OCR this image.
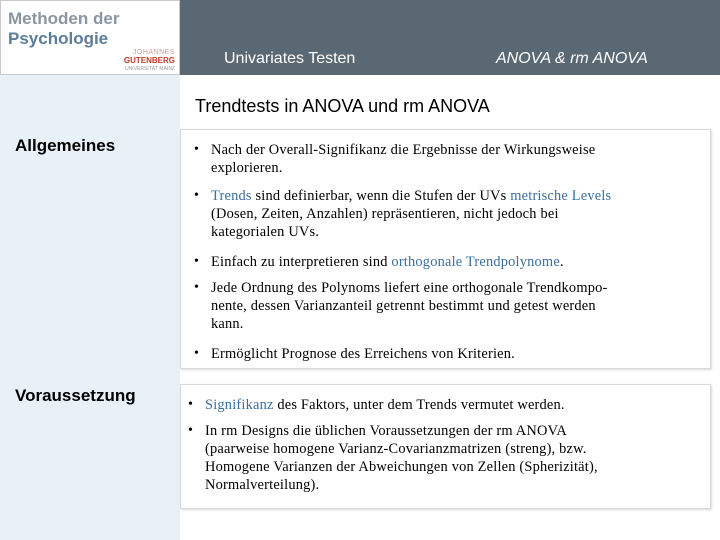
Methoden der
Psychologie
JOHANNES
GUTENBERG
UNIVERSITÄT MAINZ
Univariates Testen	ANOVA & rm ANOVA
Trendtests in ANOVA und rm ANOVA
Allgemeines
Voraussetzung
• Nach der Overall-Signifikanz die Ergebnisse der Wirkungsweise
explorieren.
• Trends sind definierbar, wenn die Stufen der UVs metrische Levels
(Dosen, Zeiten, Anzahlen) repräsentieren, nicht jedoch bei
kategorialen UVs.
• Einfach zu interpretieren sind orthogonale Trendpolynome.
• Jede Ordnung des Polynoms liefert eine orthogonale Trendkompo-
nente, dessen Varianzanteil getrennt bestimmt und getest werden
kann.
• Ermöglicht Prognose des Erreichens von Kriterien.
• Signifikanz des Faktors, unter dem Trends vermutet werden.
• In rm Designs die üblichen Voraussetzungen der rm ANOVA
(paarweise homogene Varianz-Covarianzmatrizen (streng), bzw.
Homogene Varianzen der Abweichungen von Zellen (Spherizität),
Normalverteilung).
